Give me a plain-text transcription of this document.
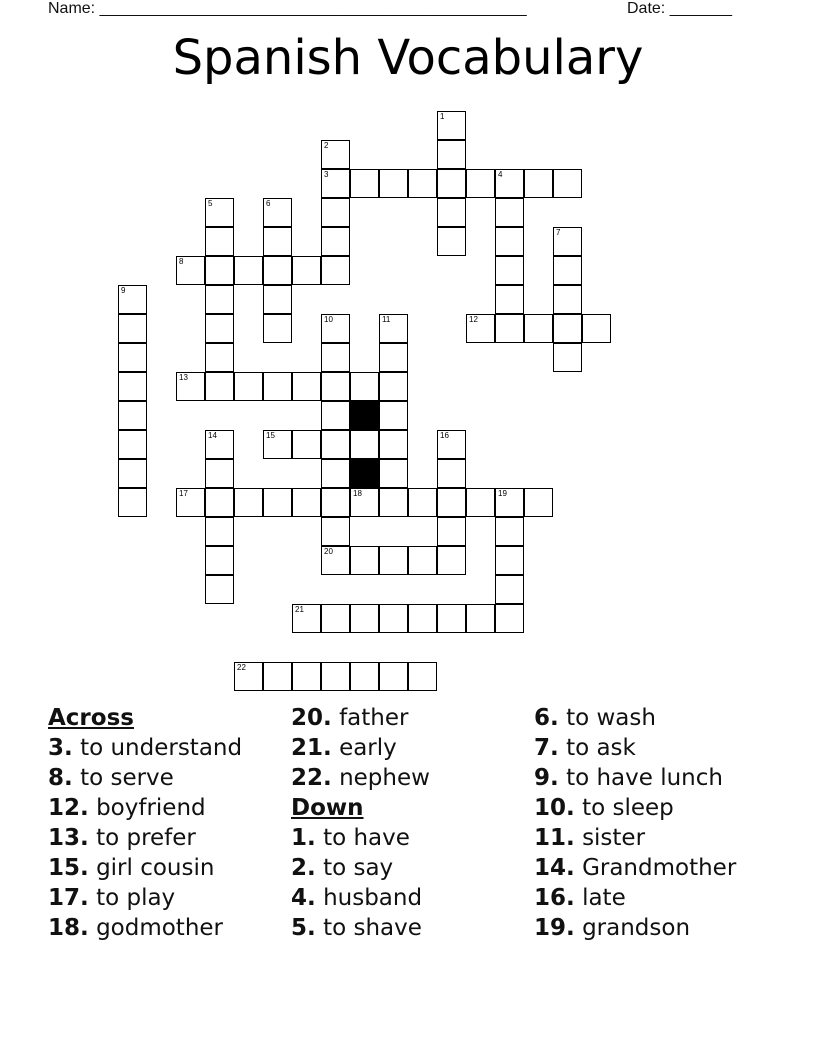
Name: ________________________________________________	Date: _______
Spanish Vocabulary
1
2
3	4
5	6
7
8
9
10	11	12
13
14	15	16
17	18	19
20
21
22
Across
3. to understand
8. to serve
12. boyfriend
13. to prefer
15. girl cousin
17. to play
18. godmother
20. father
21. early
22. nephew
Down
1. to have
2. to say
4. husband
5. to shave
6. to wash
7. to ask
9. to have lunch
10. to sleep
11. sister
14. Grandmother
16. late
19. grandson
